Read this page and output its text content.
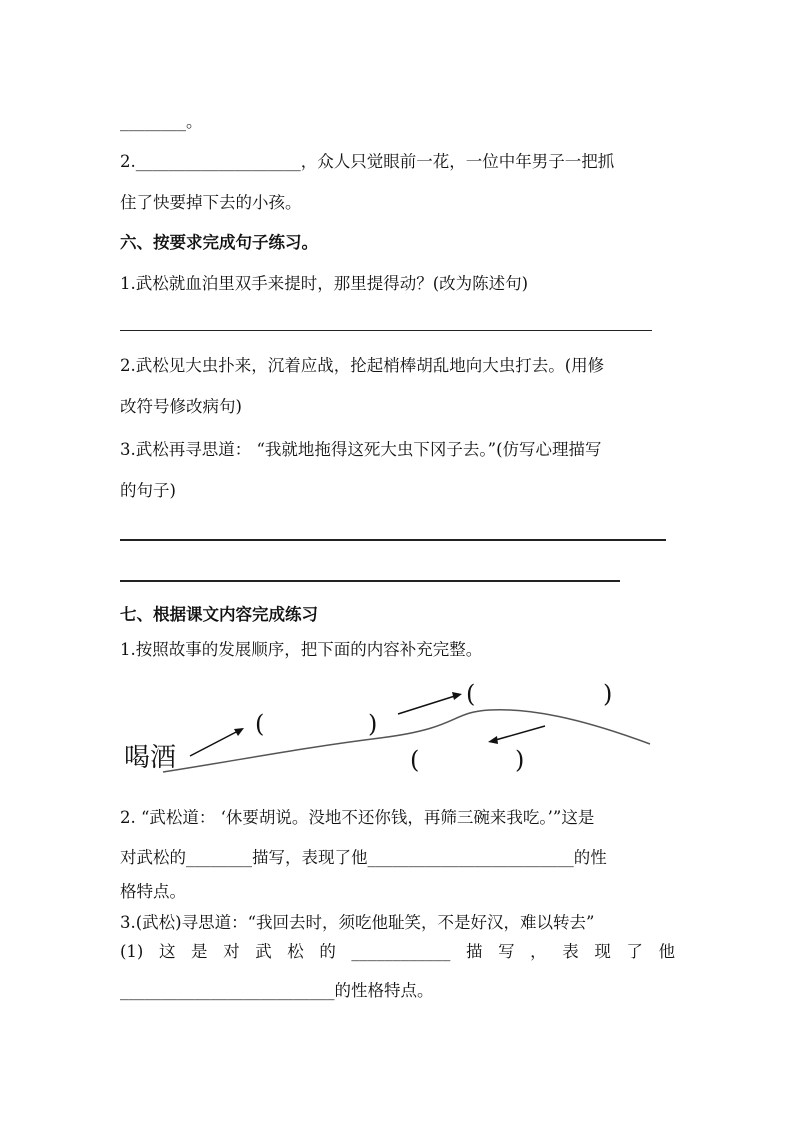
________。
2.____________________，众人只觉眼前一花，一位中年男子一把抓
住了快要掉下去的小孩。
六、按要求完成句子练习。
1.武松就血泊里双手来提时，那里提得动？(改为陈述句)
2.武松见大虫扑来，沉着应战，抡起梢棒胡乱地向大虫打去。(用修
改符号修改病句)
3.武松再寻思道： “我就地拖得这死大虫下冈子去。”(仿写心理描写
的句子)
七、根据课文内容完成练习
1.按照故事的发展顺序，把下面的内容补充完整。
喝酒
(	)
(	)
(	)
2. “武松道： ‘休要胡说。没地不还你钱，再筛三碗来我吃。’”这是
对武松的________描写，表现了他_________________________的性
格特点。
3.(武松)寻思道：“我回去时，须吃他耻笑，不是好汉，难以转去”
(1) 这 是 对 武 松 的 ____________ 描 写 ， 表 现 了 他
__________________________的性格特点。
